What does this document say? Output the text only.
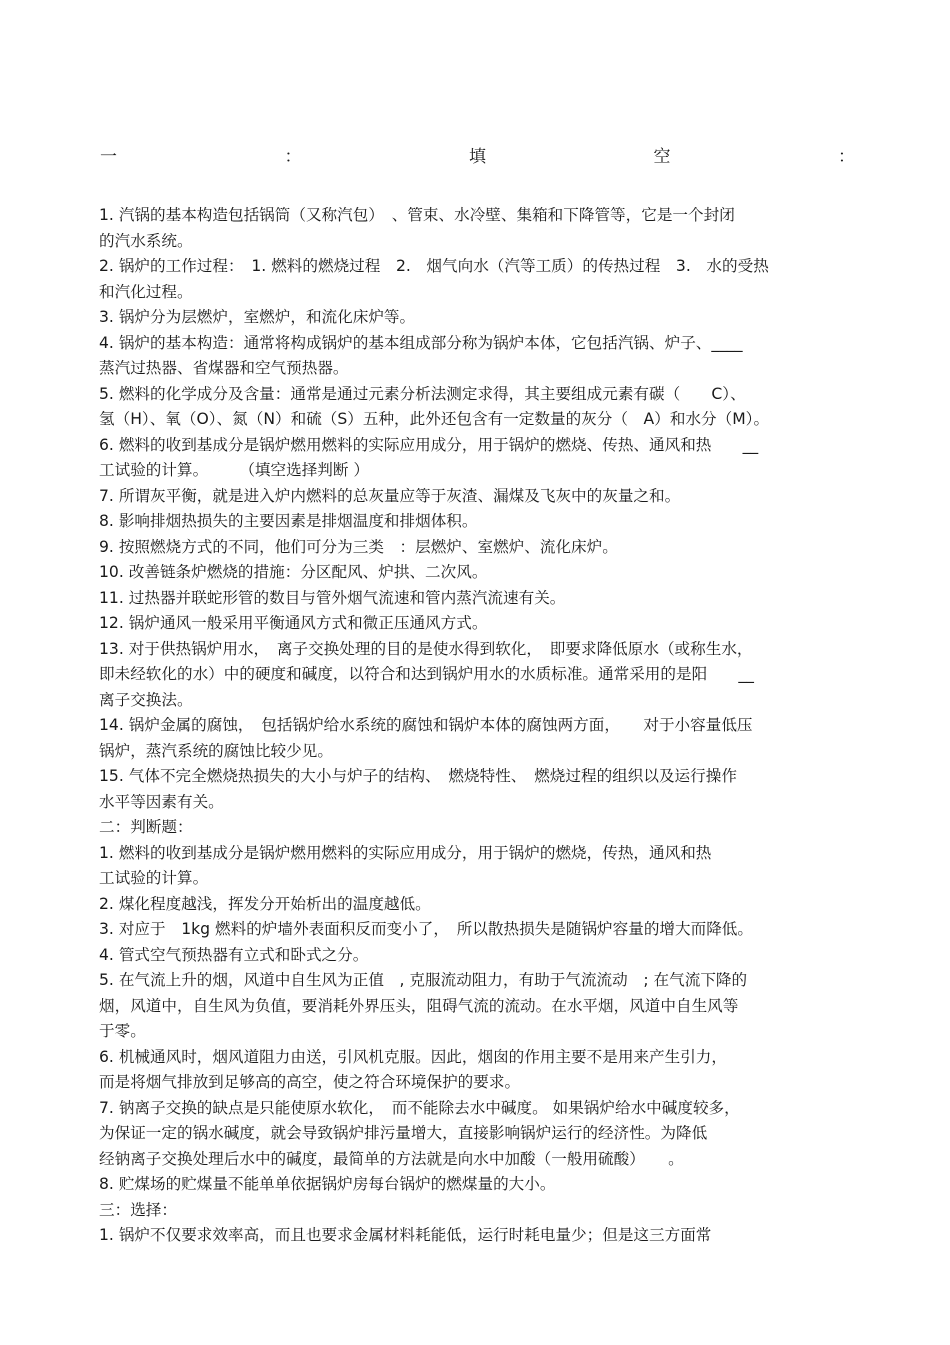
一	：	填	空	：
1. 汽锅的基本构造包括锅筒（又称汽包）　、管束、水冷壁、集箱和下降管等，它是一个封闭
的汽水系统。
2. 锅炉的工作过程：　1. 燃料的燃烧过程　2.　烟气向水（汽等工质）的传热过程　3.　水的受热
和汽化过程。
3. 锅炉分为层燃炉，室燃炉，和流化床炉等。
4. 锅炉的基本构造：通常将构成锅炉的基本组成部分称为锅炉本体，它包括汽锅、炉子、____
蒸汽过热器、省煤器和空气预热器。
5. 燃料的化学成分及含量：通常是通过元素分析法测定求得，其主要组成元素有碳（　　C）、
氢（H）、氧（O）、氮（N）和硫（S）五种，此外还包含有一定数量的灰分（　A）和水分（M）。
6. 燃料的收到基成分是锅炉燃用燃料的实际应用成分，用于锅炉的燃烧、传热、通风和热　　__
工试验的计算。　　　（填空选择判断 ）
7. 所谓灰平衡，就是进入炉内燃料的总灰量应等于灰渣、漏煤及飞灰中的灰量之和。
8. 影响排烟热损失的主要因素是排烟温度和排烟体积。
9. 按照燃烧方式的不同，他们可分为三类　：层燃炉、室燃炉、流化床炉。
10. 改善链条炉燃烧的措施：分区配风、炉拱、二次风。
11. 过热器并联蛇形管的数目与管外烟气流速和管内蒸汽流速有关。
12. 锅炉通风一般采用平衡通风方式和微正压通风方式。
13. 对于供热锅炉用水，　离子交换处理的目的是使水得到软化，　即要求降低原水（或称生水，
即未经软化的水）中的硬度和碱度，以符合和达到锅炉用水的水质标准。通常采用的是阳　　__
离子交换法。
14. 锅炉金属的腐蚀，　包括锅炉给水系统的腐蚀和锅炉本体的腐蚀两方面，　　对于小容量低压
锅炉，蒸汽系统的腐蚀比较少见。
15. 气体不完全燃烧热损失的大小与炉子的结构、　燃烧特性、　燃烧过程的组织以及运行操作
水平等因素有关。
二：判断题：
1. 燃料的收到基成分是锅炉燃用燃料的实际应用成分，用于锅炉的燃烧，传热，通风和热
工试验的计算。
2. 煤化程度越浅，挥发分开始析出的温度越低。
3. 对应于　1kg 燃料的炉墙外表面积反而变小了，　所以散热损失是随锅炉容量的增大而降低。
4. 管式空气预热器有立式和卧式之分。
5. 在气流上升的烟，风道中自生风为正值　, 克服流动阻力，有助于气流流动　; 在气流下降的
烟，风道中，自生风为负值，要消耗外界压头，阻碍气流的流动。在水平烟，风道中自生风等
于零。
6. 机械通风时，烟风道阻力由送，引风机克服。因此，烟囱的作用主要不是用来产生引力，
而是将烟气排放到足够高的高空，使之符合环境保护的要求。
7. 钠离子交换的缺点是只能使原水软化，　而不能除去水中碱度。 如果锅炉给水中碱度较多，
为保证一定的锅水碱度，就会导致锅炉排污量增大，直接影响锅炉运行的经济性。为降低
经钠离子交换处理后水中的碱度，最简单的方法就是向水中加酸（一般用硫酸）　　。
8. 贮煤场的贮煤量不能单单依据锅炉房每台锅炉的燃煤量的大小。
三：选择：
1. 锅炉不仅要求效率高，而且也要求金属材料耗能低，运行时耗电量少；但是这三方面常
